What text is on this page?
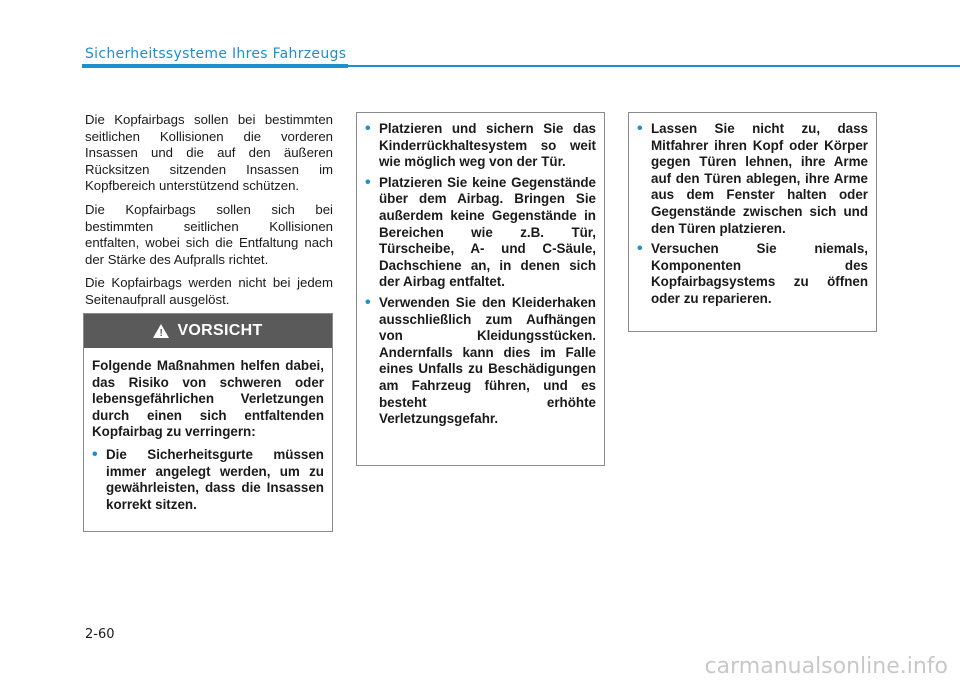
Sicherheitssysteme Ihres Fahrzeugs

Die Kopfairbags sollen bei bestimmten seitlichen Kollisionen die vorderen Insassen und die auf den äußeren Rücksitzen sitzenden Insassen im Kopfbereich unterstützend schützen.

Die Kopfairbags sollen sich bei bestimmten seitlichen Kollisionen entfalten, wobei sich die Entfaltung nach der Stärke des Aufpralls richtet.

Die Kopfairbags werden nicht bei jedem Seitenaufprall ausgelöst.

!
VORSICHT

Folgende Maßnahmen helfen dabei, das Risiko von schweren oder lebensgefährlichen Verletzungen durch einen sich entfaltenden Kopfairbag zu verringern:

• Die Sicherheitsgurte müssen immer angelegt werden, um zu gewährleisten, dass die Insassen korrekt sitzen.
• Platzieren und sichern Sie das Kinderrückhaltesystem so weit wie möglich weg von der Tür.
• Platzieren Sie keine Gegenstände über dem Airbag. Bringen Sie außerdem keine Gegenstände in Bereichen wie z.B. Tür, Türscheibe, A- und C-Säule, Dachschiene an, in denen sich der Airbag entfaltet.
• Verwenden Sie den Kleiderhaken ausschließlich zum Aufhängen von Kleidungsstücken. Andernfalls kann dies im Falle eines Unfalls zu Beschädigungen am Fahrzeug führen, und es besteht erhöhte Verletzungsgefahr.
• Lassen Sie nicht zu, dass Mitfahrer ihren Kopf oder Körper gegen Türen lehnen, ihre Arme auf den Türen ablegen, ihre Arme aus dem Fenster halten oder Gegenstände zwischen sich und den Türen platzieren.
• Versuchen Sie niemals, Komponenten des Kopfairbagsystems zu öffnen oder zu reparieren.
2-60
carmanualsonline.info
